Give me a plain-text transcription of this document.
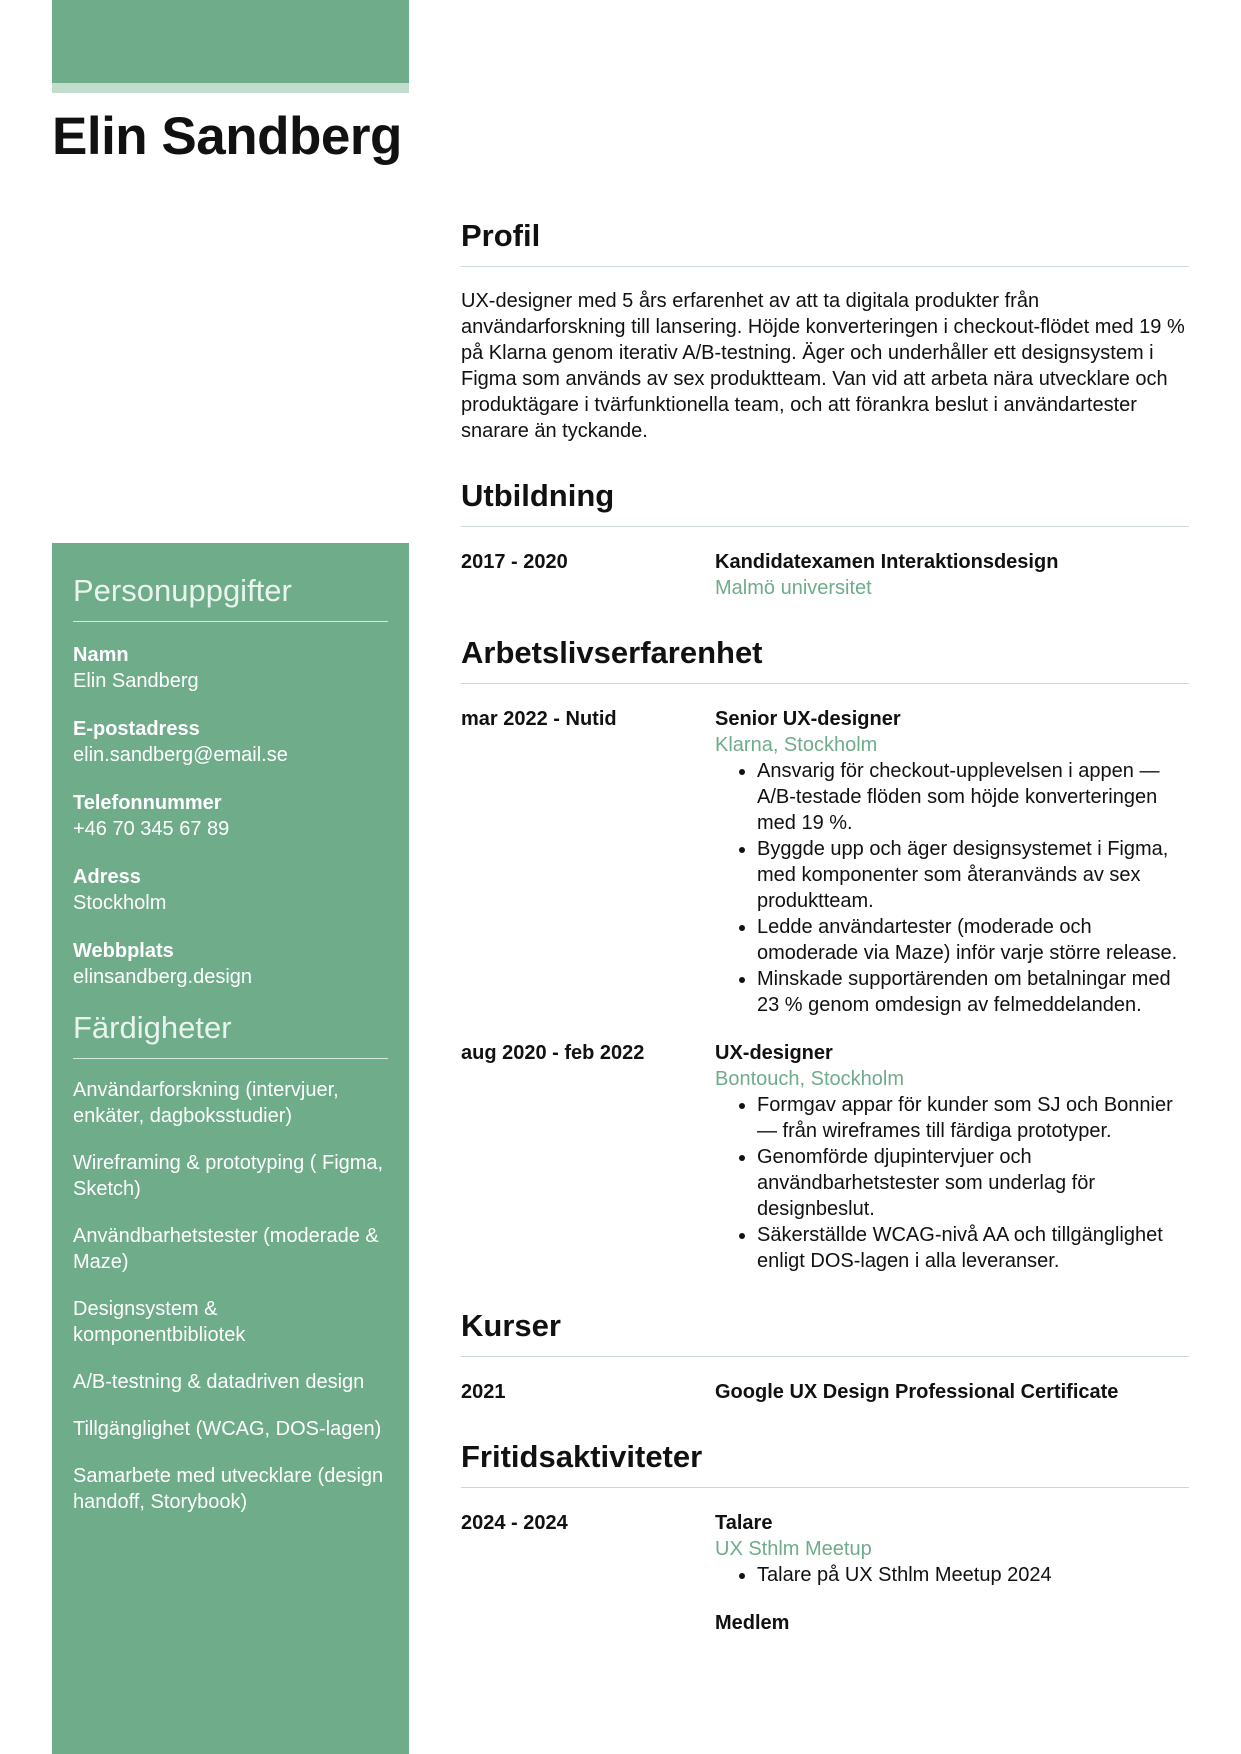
Elin Sandberg
Personuppgifter
Namn
Elin Sandberg
E-postadress
elin.sandberg@email.se
Telefonnummer
+46 70 345 67 89
Adress
Stockholm
Webbplats
elinsandberg.design
Färdigheter
Användarforskning (intervjuer, enkäter, dagboksstudier)
Wireframing & prototyping ( Figma, Sketch)
Användbarhetstester (moderade & Maze)
Designsystem & komponentbibliotek
A/B-testning & datadriven design
Tillgänglighet (WCAG, DOS-lagen)
Samarbete med utvecklare (design handoff, Storybook)
Profil

UX-designer med 5 års erfarenhet av att ta digitala produkter från användarforskning till lansering. Höjde konverteringen i checkout-flödet med 19 % på Klarna genom iterativ A/B-testning. Äger och underhåller ett designsystem i Figma som används av sex produktteam. Van vid att arbeta nära utvecklare och produktägare i tvärfunktionella team, och att förankra beslut i användartester snarare än tyckande.

Utbildning
2017 - 2020	Kandidatexamen Interaktionsdesign
Malmö universitet
Arbetslivserfarenhet
mar 2022 - Nutid	Senior UX-designer
Klarna, Stockholm
• Ansvarig för checkout-upplevelsen i appen — A/B-testade flöden som höjde konverteringen med 19 %.
• Byggde upp och äger designsystemet i Figma, med komponenter som återanvänds av sex produktteam.
• Ledde användartester (moderade och omoderade via Maze) inför varje större release.
• Minskade supportärenden om betalningar med 23 % genom omdesign av felmeddelanden.
aug 2020 - feb 2022	UX-designer
Bontouch, Stockholm
• Formgav appar för kunder som SJ och Bonnier — från wireframes till färdiga prototyper.
• Genomförde djupintervjuer och användbarhetstester som underlag för designbeslut.
• Säkerställde WCAG-nivå AA och tillgänglighet enligt DOS-lagen i alla leveranser.
Kurser
2021	Google UX Design Professional Certificate
Fritidsaktiviteter
2024 - 2024	Talare
UX Sthlm Meetup
• Talare på UX Sthlm Meetup 2024
Medlem
